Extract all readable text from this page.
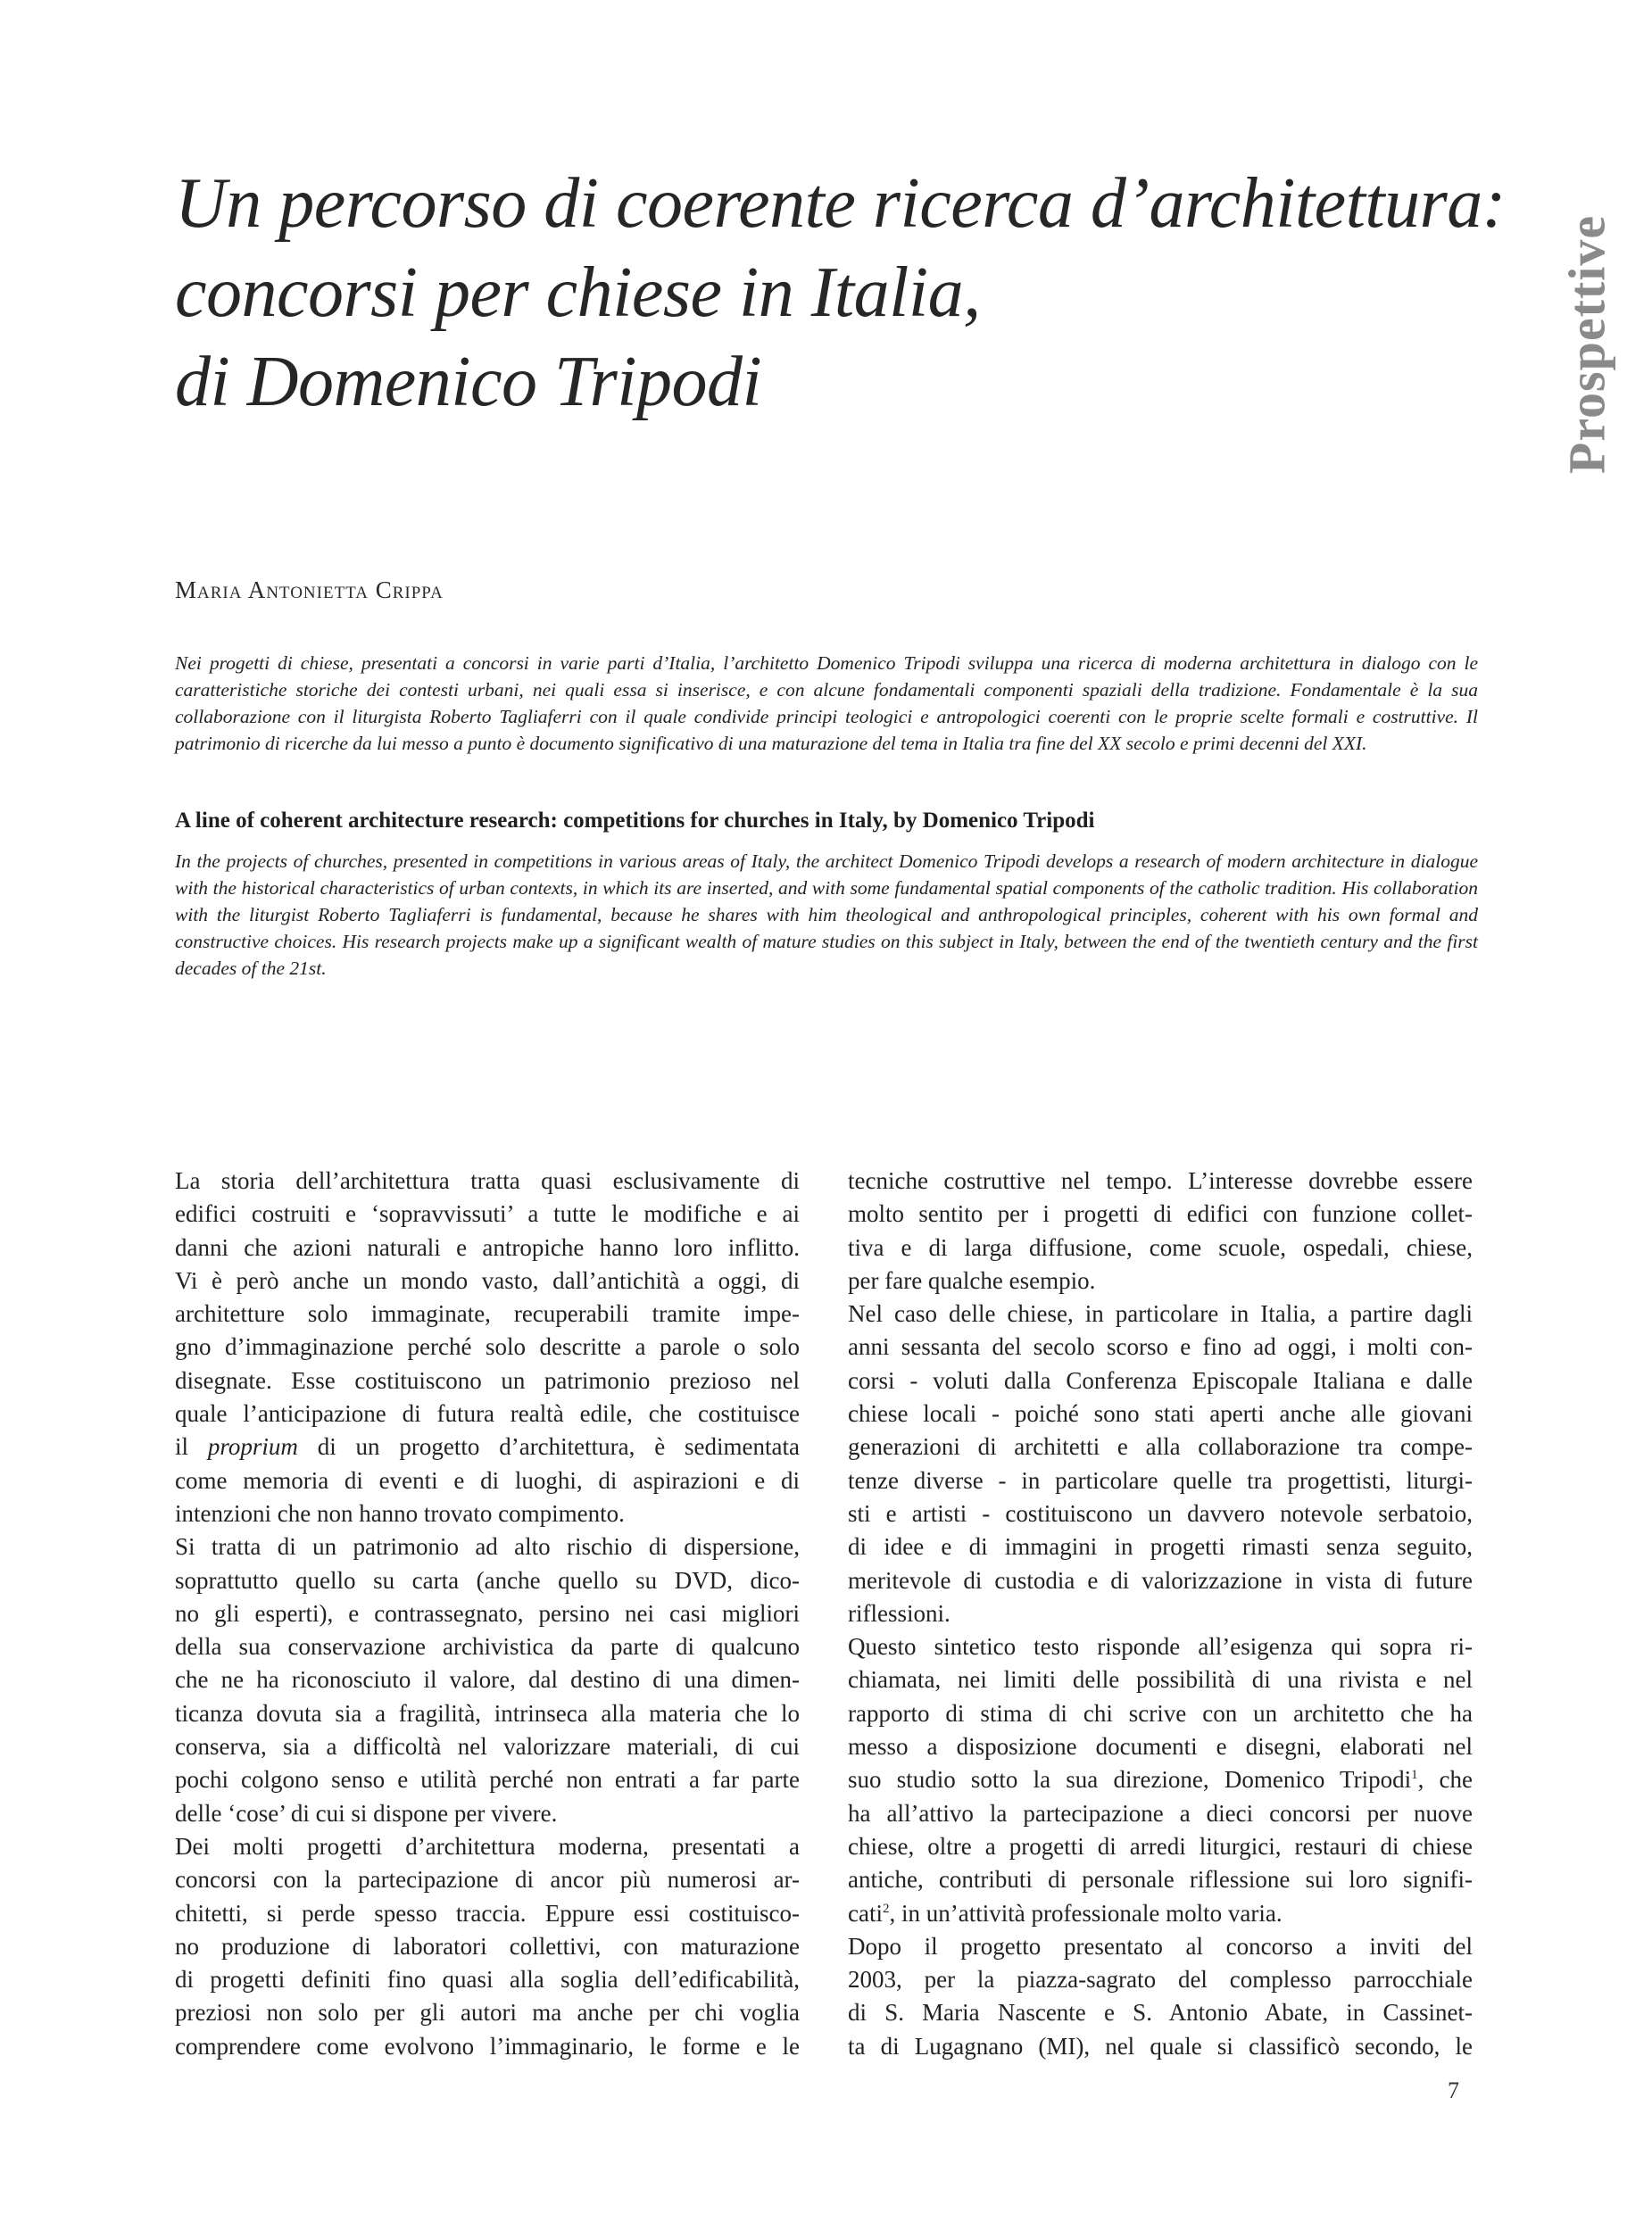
Un percorso di coerente ricerca d’architettura:
concorsi per chiese in Italia,
di Domenico Tripodi	Prospettive
Maria Antonietta Crippa
Nei progetti di chiese, presentati a concorsi in varie parti d’Italia, l’architetto Domenico Tripodi sviluppa una ricerca di moderna architettura in dialogo con le caratteristiche storiche dei contesti urbani, nei quali essa si inserisce, e con alcune fondamentali componenti spaziali della tradizione. Fondamentale è la sua collaborazione con il liturgista Roberto Tagliaferri con il quale condivide principi teologici e antropologici coerenti con le proprie scelte formali e costruttive. Il patrimonio di ricerche da lui messo a punto è documento significativo di una maturazione del tema in Italia tra fine del XX secolo e primi decenni del XXI.
A line of coherent architecture research: competitions for churches in Italy, by Domenico Tripodi
In the projects of churches, presented in competitions in various areas of Italy, the architect Domenico Tripodi develops a research of modern architecture in dialogue with the historical characteristics of urban contexts, in which its are inserted, and with some fundamental spatial components of the catholic tradition. His collaboration with the liturgist Roberto Tagliaferri is fundamental, because he shares with him theological and anthropological principles, coherent with his own formal and constructive choices. His research projects make up a significant wealth of mature studies on this subject in Italy, between the end of the twentieth century and the first decades of the 21st.
La storia dell’architettura tratta quasi esclusivamente di
edifici costruiti e ‘sopravvissuti’ a tutte le modifiche e ai
danni che azioni naturali e antropiche hanno loro inflitto.
Vi è però anche un mondo vasto, dall’antichità a oggi, di
architetture solo immaginate, recuperabili tramite impe-
gno d’immaginazione perché solo descritte a parole o solo
disegnate. Esse costituiscono un patrimonio prezioso nel
quale l’anticipazione di futura realtà edile, che costituisce
il proprium di un progetto d’architettura, è sedimentata
come memoria di eventi e di luoghi, di aspirazioni e di
intenzioni che non hanno trovato compimento.
Si tratta di un patrimonio ad alto rischio di dispersione,
soprattutto quello su carta (anche quello su DVD, dico-
no gli esperti), e contrassegnato, persino nei casi migliori
della sua conservazione archivistica da parte di qualcuno
che ne ha riconosciuto il valore, dal destino di una dimen-
ticanza dovuta sia a fragilità, intrinseca alla materia che lo
conserva, sia a difficoltà nel valorizzare materiali, di cui
pochi colgono senso e utilità perché non entrati a far parte
delle ‘cose’ di cui si dispone per vivere.
Dei molti progetti d’architettura moderna, presentati a
concorsi con la partecipazione di ancor più numerosi ar-
chitetti, si perde spesso traccia. Eppure essi costituisco-
no produzione di laboratori collettivi, con maturazione
di progetti definiti fino quasi alla soglia dell’edificabilità,
preziosi non solo per gli autori ma anche per chi voglia
comprendere come evolvono l’immaginario, le forme e le
tecniche costruttive nel tempo. L’interesse dovrebbe essere
molto sentito per i progetti di edifici con funzione collet-
tiva e di larga diffusione, come scuole, ospedali, chiese,
per fare qualche esempio.
Nel caso delle chiese, in particolare in Italia, a partire dagli
anni sessanta del secolo scorso e fino ad oggi, i molti con-
corsi - voluti dalla Conferenza Episcopale Italiana e dalle
chiese locali - poiché sono stati aperti anche alle giovani
generazioni di architetti e alla collaborazione tra compe-
tenze diverse - in particolare quelle tra progettisti, liturgi-
sti e artisti - costituiscono un davvero notevole serbatoio,
di idee e di immagini in progetti rimasti senza seguito,
meritevole di custodia e di valorizzazione in vista di future
riflessioni.
Questo sintetico testo risponde all’esigenza qui sopra ri-
chiamata, nei limiti delle possibilità di una rivista e nel
rapporto di stima di chi scrive con un architetto che ha
messo a disposizione documenti e disegni, elaborati nel
suo studio sotto la sua direzione, Domenico Tripodi$^1$, che
ha all’attivo la partecipazione a dieci concorsi per nuove
chiese, oltre a progetti di arredi liturgici, restauri di chiese
antiche, contributi di personale riflessione sui loro signifi-
cati$^2$, in un’attività professionale molto varia.
Dopo il progetto presentato al concorso a inviti del
2003, per la piazza-sagrato del complesso parrocchiale
di S. Maria Nascente e S. Antonio Abate, in Cassinet-
ta di Lugagnano (MI), nel quale si classificò secondo, le
7
